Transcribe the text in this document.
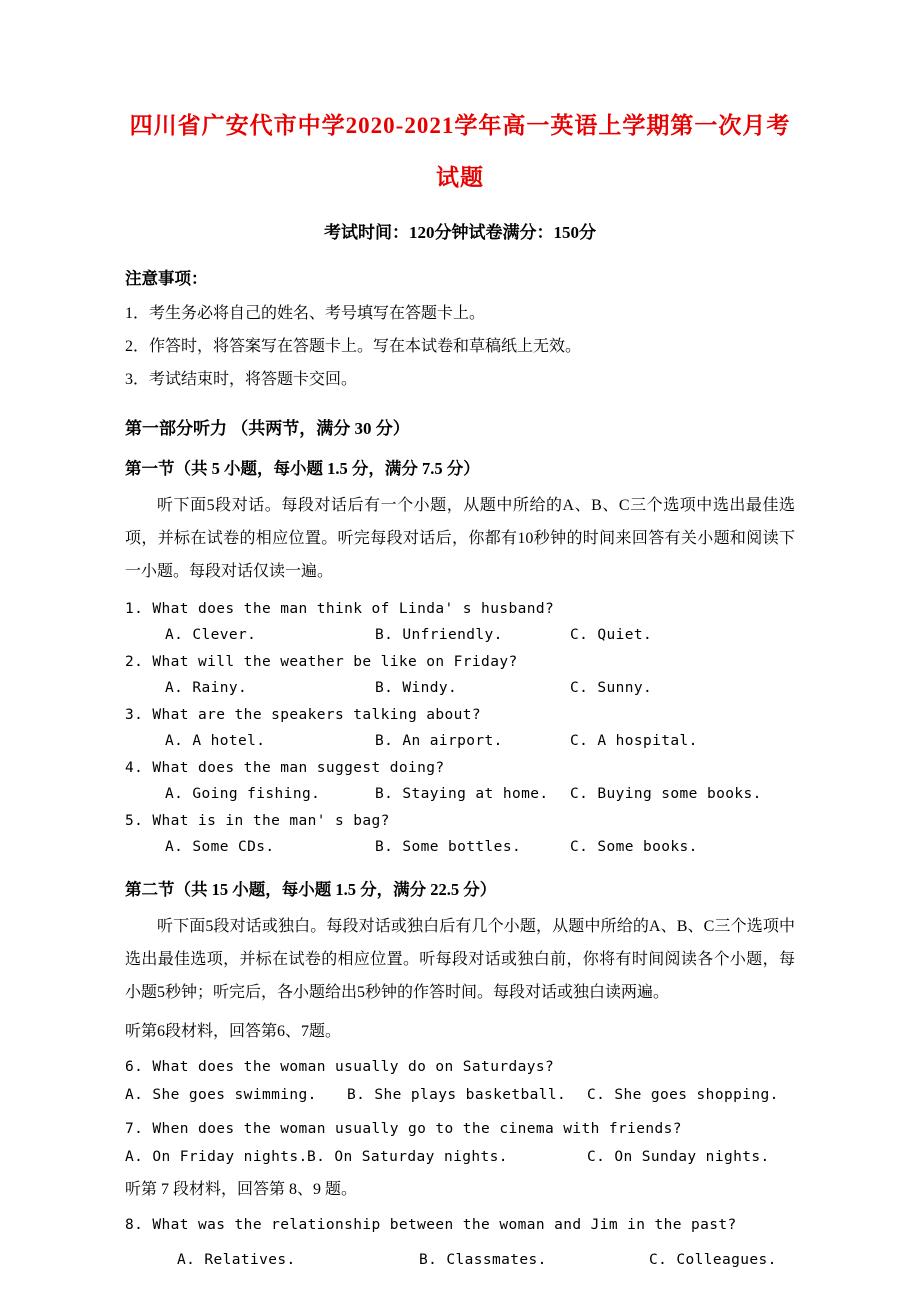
四川省广安代市中学2020-2021学年高一英语上学期第一次月考试题
考试时间：120分钟试卷满分：150分
注意事项：
1．考生务必将自己的姓名、考号填写在答题卡上。
2．作答时，将答案写在答题卡上。写在本试卷和草稿纸上无效。
3．考试结束时，将答题卡交回。
第一部分听力 （共两节，满分 30 分）
第一节（共 5 小题，每小题 1.5 分，满分 7.5 分）

听下面5段对话。每段对话后有一个小题，从题中所给的A、B、C三个选项中选出最佳选项，并标在试卷的相应位置。听完每段对话后，你都有10秒钟的时间来回答有关小题和阅读下一小题。每段对话仅读一遍。

1. What does the man think of Linda' s husband?
A. Clever.	B. Unfriendly.	C. Quiet.
2. What will the weather be like on Friday?
A. Rainy.	B. Windy.	C. Sunny.
3. What are the speakers talking about?
A. A hotel.	B. An airport.	C. A hospital.
4. What does the man suggest doing?
A. Going fishing.	B. Staying at home.	C. Buying some books.
5. What is in the man' s bag?
A. Some CDs.	B. Some bottles.	C. Some books.
第二节（共 15 小题，每小题 1.5 分，满分 22.5 分）

听下面5段对话或独白。每段对话或独白后有几个小题，从题中所给的A、B、C三个选项中选出最佳选项，并标在试卷的相应位置。听每段对话或独白前，你将有时间阅读各个小题，每小题5秒钟；听完后，各小题给出5秒钟的作答时间。每段对话或独白读两遍。

听第6段材料，回答第6、7题。
6. What does the woman usually do on Saturdays?
A. She goes swimming.	B. She plays basketball.	C. She goes shopping.
7. When does the woman usually go to the cinema with friends?
A. On Friday nights. B. On Saturday nights.	C. On Sunday nights.
听第 7 段材料，回答第 8、9 题。
8. What was the relationship between the woman and Jim in the past?
A. Relatives.	B. Classmates.	C. Colleagues.
